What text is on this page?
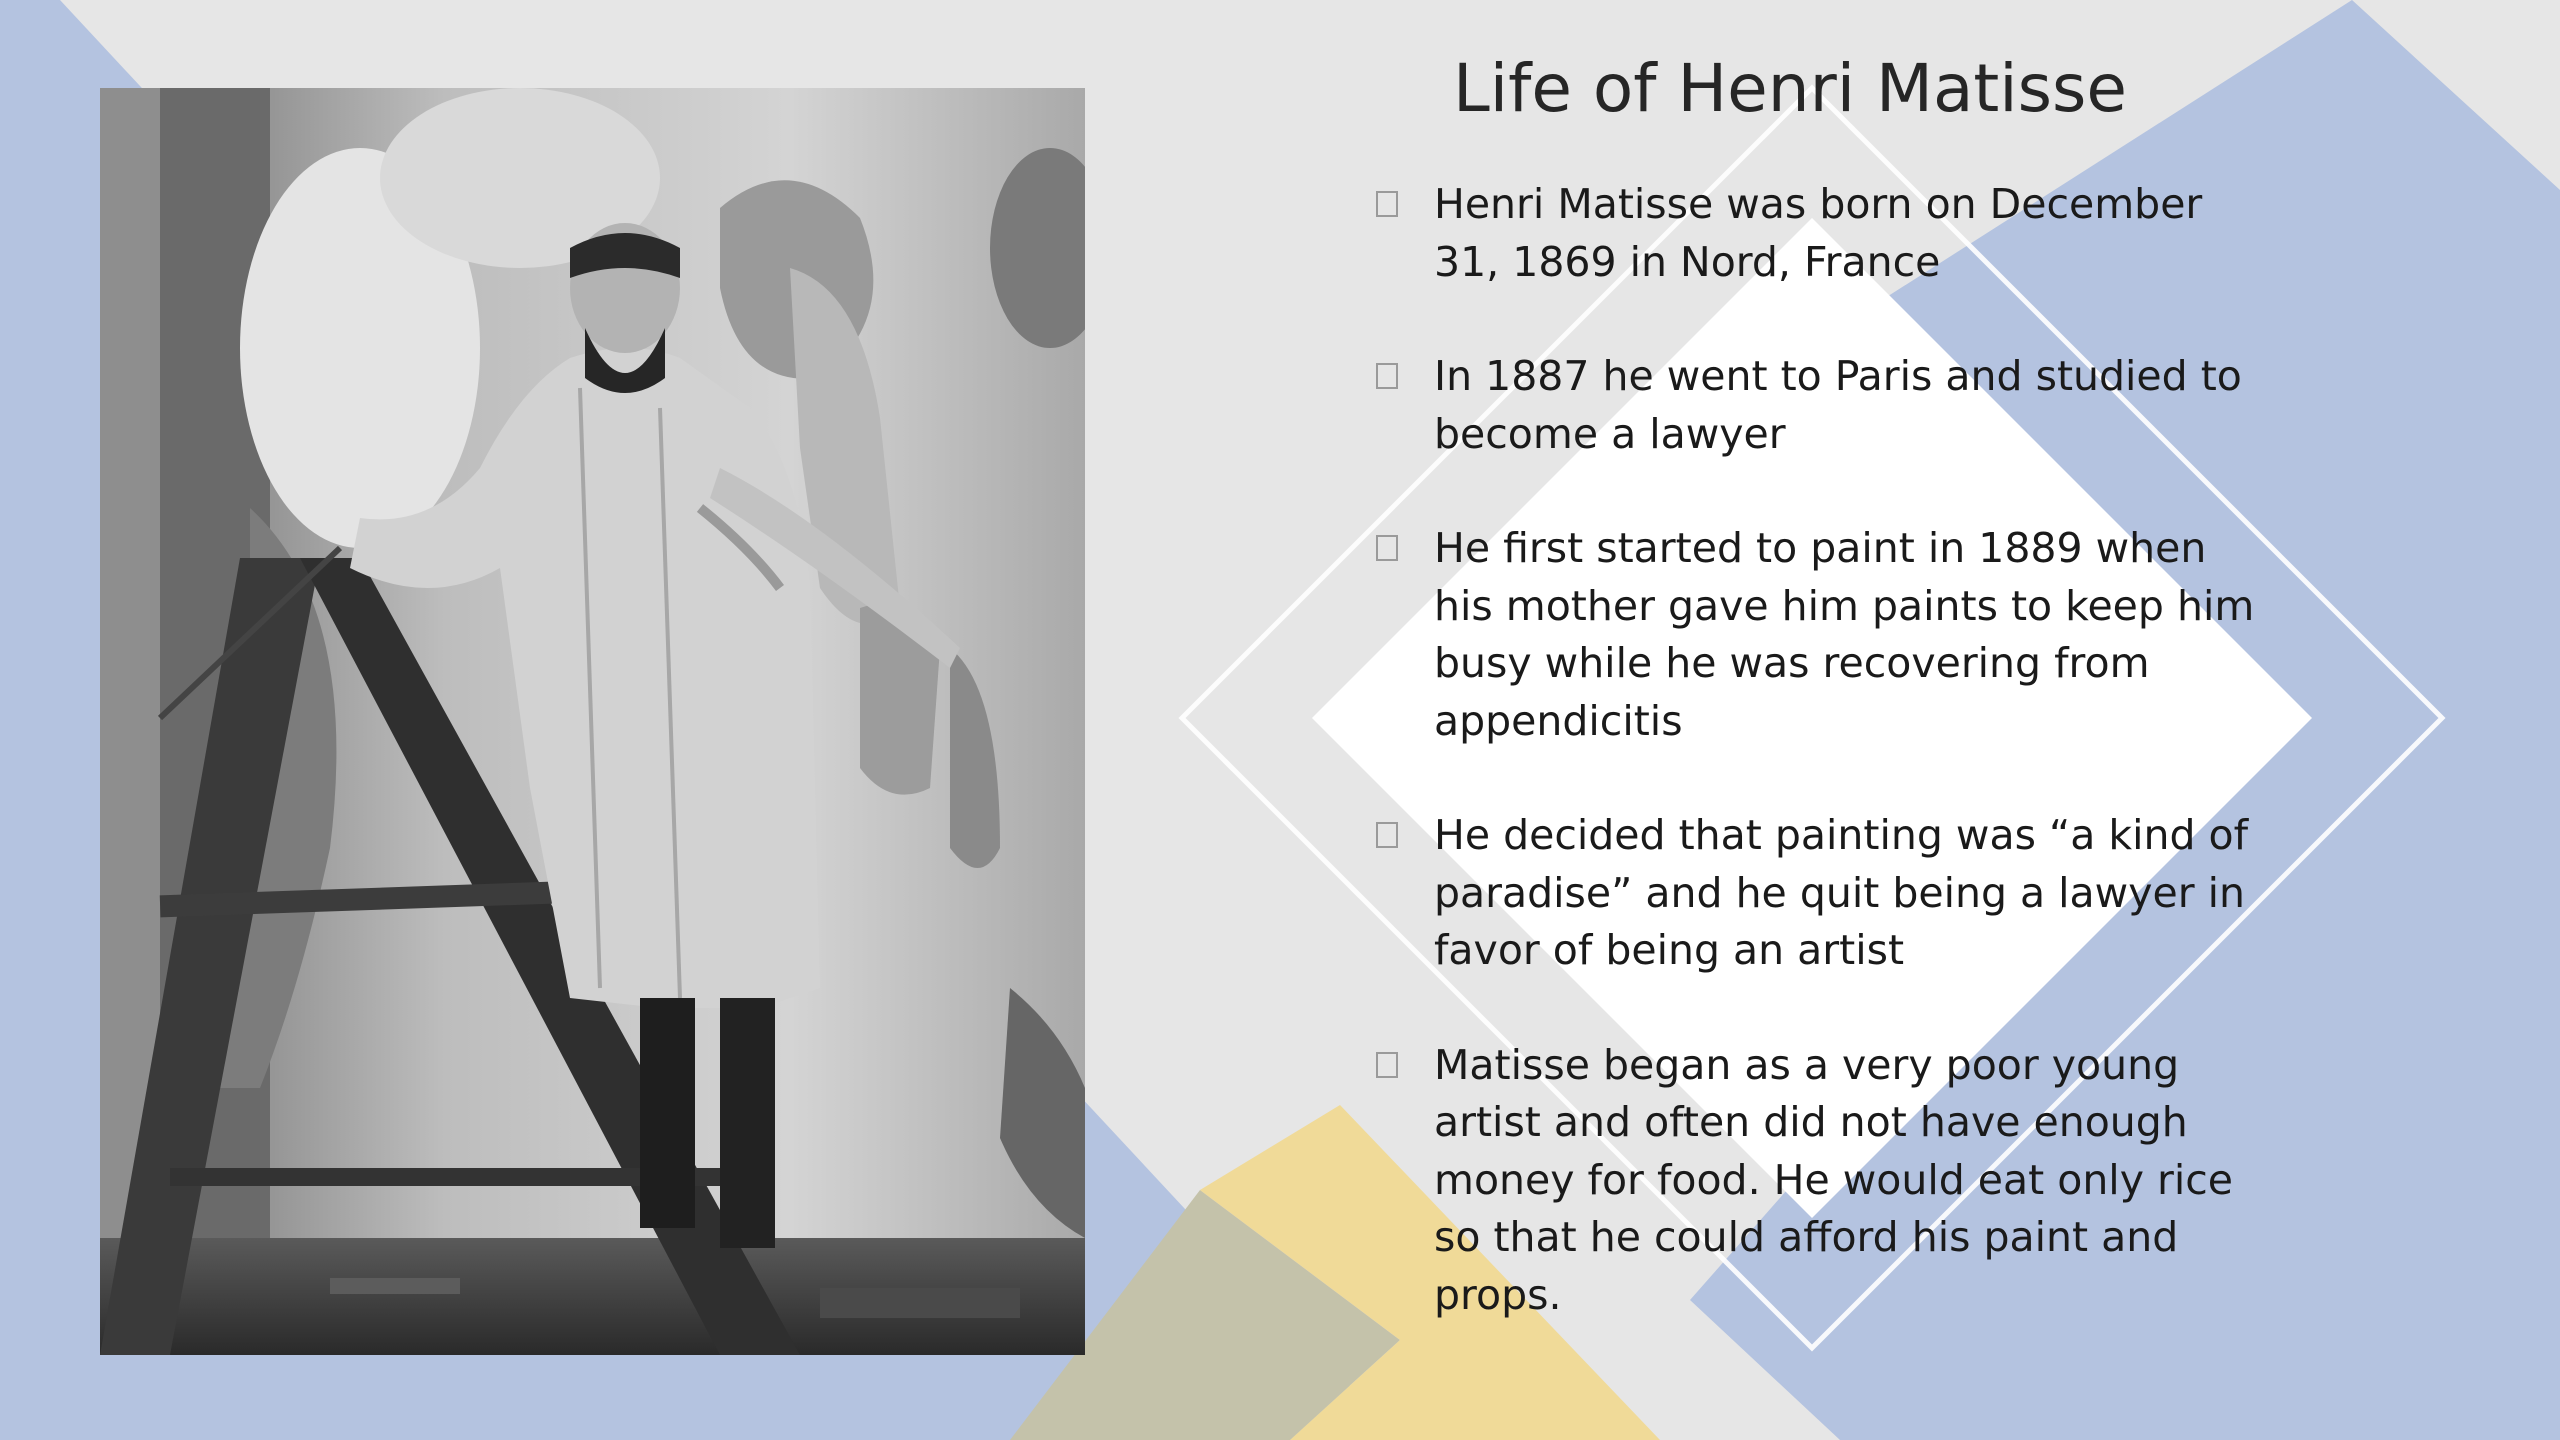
Life of Henri Matisse
Henri Matisse was born on December 31, 1869 in Nord, France
In 1887 he went to Paris and studied to become a lawyer
He first started to paint in 1889 when his mother gave him paints to keep him busy while he was recovering from appendicitis
He decided that painting was “a kind of paradise” and he quit being a lawyer in favor of being an artist
Matisse began as a very poor young artist and often did not have enough money for food. He would eat only rice so that he could afford his paint and props.
